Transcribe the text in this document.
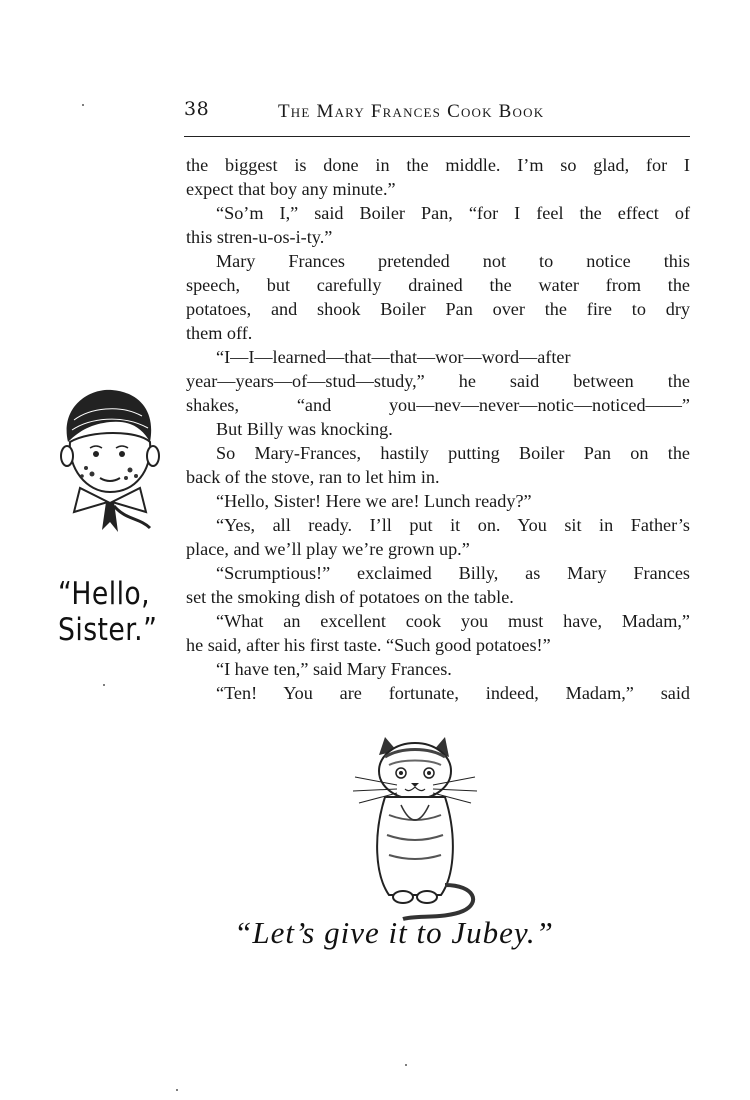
38	The Mary Frances Cook Book
the biggest is done in the middle. I’m so glad, for I
expect that boy any minute.”
“So’m I,” said Boiler Pan, “for I feel the effect of
this stren-u-os-i-ty.”
Mary Frances pretended not to notice this
speech, but carefully drained the water from the
potatoes, and shook Boiler Pan over the fire to dry
them off.
“I—I—learned—that—that—wor—word—after
year—years—of—stud—study,” he said between the
shakes, “and you—nev—never—notic—noticed——”
But Billy was knocking.
So Mary-Frances, hastily putting Boiler Pan on the
back of the stove, ran to let him in.
“Hello, Sister! Here we are! Lunch ready?”
“Yes, all ready. I’ll put it on. You sit in Father’s
place, and we’ll play we’re grown up.”
“Scrumptious!” exclaimed Billy, as Mary Frances
set the smoking dish of potatoes on the table.
“What an excellent cook you must have, Madam,”
he said, after his first taste. “Such good potatoes!”
“I have ten,” said Mary Frances.
“Ten! You are fortunate, indeed, Madam,” said
“Hello,
Sister.”
“Let’s give it to Jubey.”
